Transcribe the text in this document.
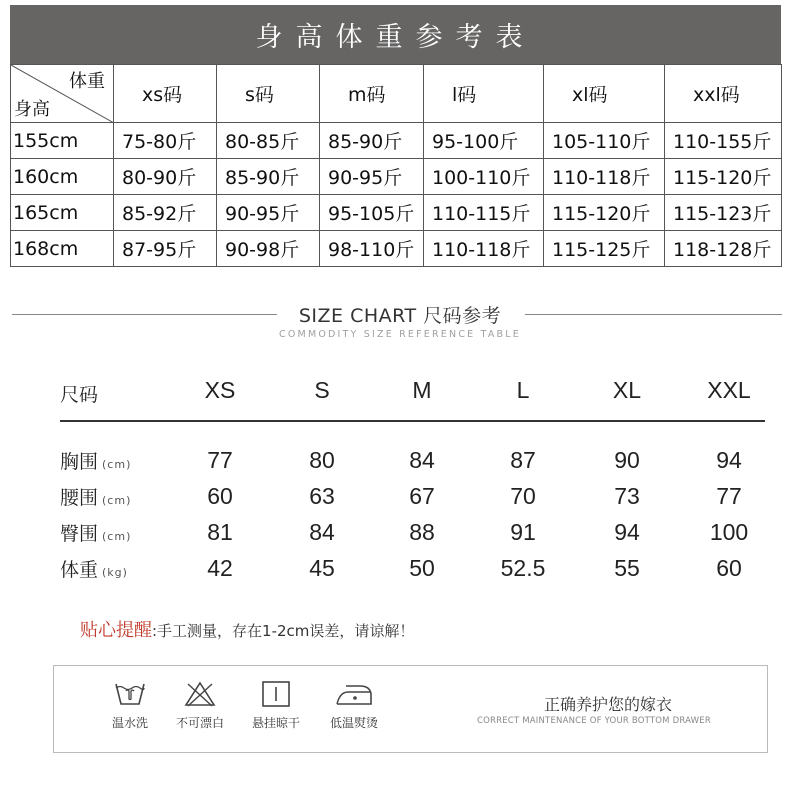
身高体重参考表
体重
身高	xs码	s码	m码	l码	xl码	xxl码
155cm	75-80斤	80-85斤	85-90斤	95-100斤	105-110斤	110-155斤
160cm	80-90斤	85-90斤	90-95斤	100-110斤	110-118斤	115-120斤
165cm	85-92斤	90-95斤	95-105斤	110-115斤	115-120斤	115-123斤
168cm	87-95斤	90-98斤	98-110斤	110-118斤	115-125斤	118-128斤
SIZE CHART 尺码参考
COMMODITY SIZE REFERENCE TABLE
尺码	XS	S	M	L	XL	XXL
胸围 (cm)	77	80	84	87	90	94
腰围 (cm)	60	63	67	70	73	77
臀围 (cm)	81	84	88	91	94	100
体重 (kg)	42	45	50	52.5	55	60
贴心提醒:手工测量，存在1-2cm误差，请谅解！
温水洗	不可漂白	悬挂晾干	低温熨烫
正确养护您的嫁衣
CORRECT MAINTENANCE OF YOUR BOTTOM DRAWER
